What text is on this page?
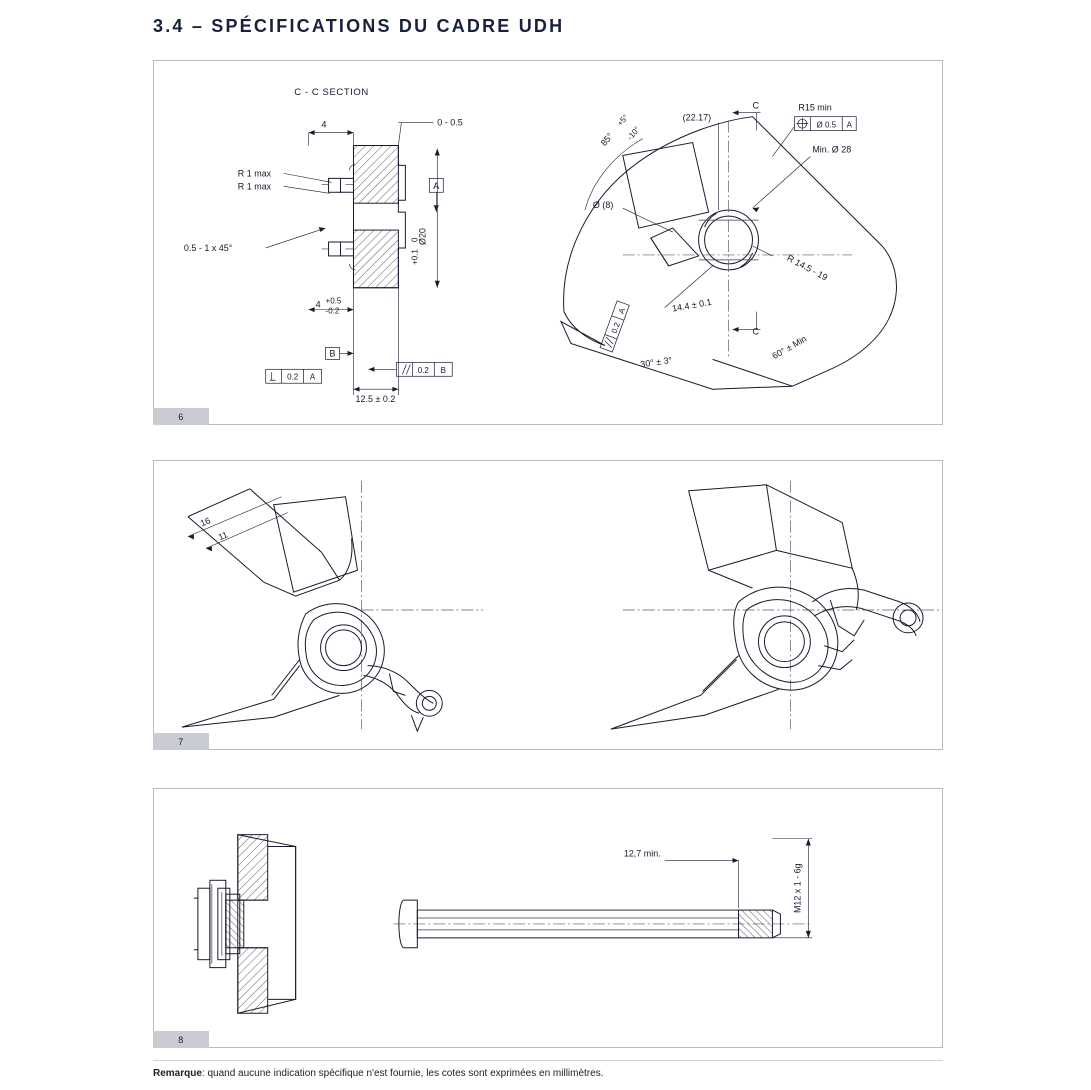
3.4 – SPÉCIFICATIONS DU CADRE UDH
C - C SECTION
0 - 0.5
4
R 1 max
R 1 max
0.5 - 1 x 45°
Ø20
+0.1
0
A
4 +0.5
-0.2
B
0.2 A
0.2 B
12.5 ± 0.2
85°
+5°
-10°
Ø (8)
(22.17)
C
C
R15 min
Ø 0.5 A
Min. Ø 28
R 14.5 - 19
14.4 ± 0.1
30° ± 3°
60° ± Min
0.2
A
6
16
11
7
12,7 min.
M12 x 1 - 6g
8
Remarque: quand aucune indication spécifique n'est fournie, les cotes sont exprimées en millimètres.
